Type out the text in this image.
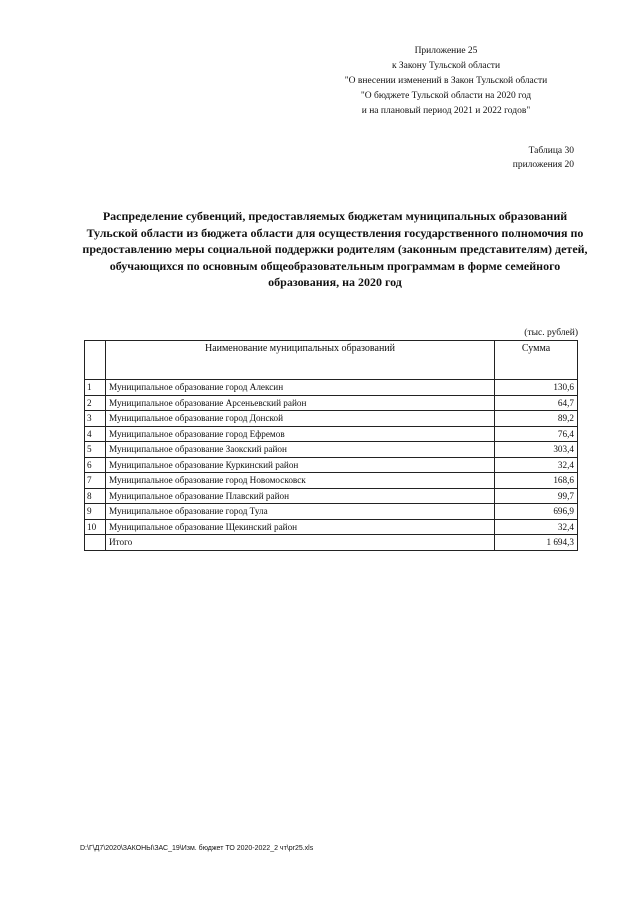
Приложение 25
к Закону Тульской области
"О внесении изменений в Закон Тульской области
"О бюджете Тульской области на 2020 год
и на плановый период 2021 и 2022 годов"
Таблица 30
приложения 20
Распределение субвенций, предоставляемых бюджетам муниципальных образований Тульской области из бюджета области для осуществления государственного полномочия по предоставлению меры социальной поддержки родителям (законным представителям) детей, обучающихся по основным общеобразовательным программам в форме семейного образования, на 2020 год
(тыс. рублей)
	Наименование муниципальных образований	Сумма
1	Муниципальное образование город Алексин	130,6
2	Муниципальное образование Арсеньевский район	64,7
3	Муниципальное образование город Донской	89,2
4	Муниципальное образование город Ефремов	76,4
5	Муниципальное образование Заокский район	303,4
6	Муниципальное образование Куркинский район	32,4
7	Муниципальное образование город Новомосковск	168,6
8	Муниципальное образование Плавский район	99,7
9	Муниципальное образование город Тула	696,9
10	Муниципальное образование Щекинский район	32,4
	Итого	1 694,3
D:\Г\Д7\2020\ЗАКОНЫ\ЗАС_19\Изм. бюджет ТО 2020-2022_2 чт\pr25.xls
